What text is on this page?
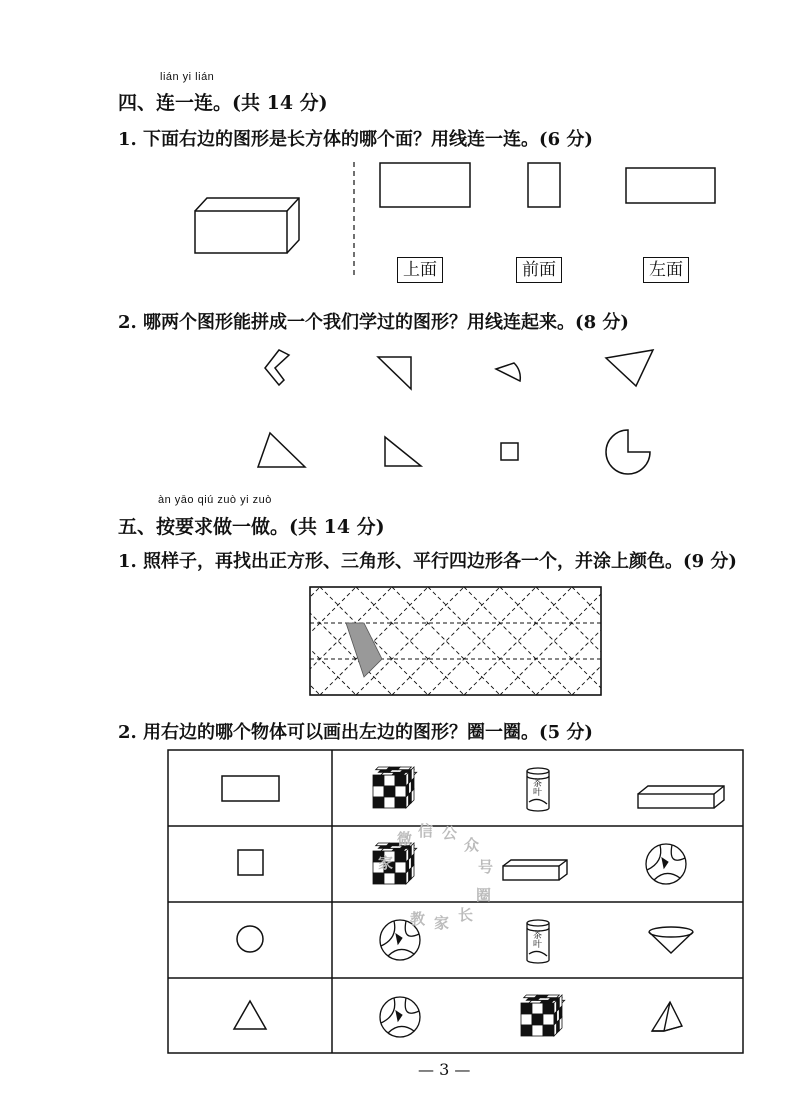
lián yi lián
四、连一连。(共 14 分)
1. 下面右边的图形是长方体的哪个面？用线连一连。(6 分)
上面	前面	左面
2. 哪两个图形能拼成一个我们学过的图形？用线连起来。(8 分)
àn yāo qiú zuò yi zuò
五、按要求做一做。(共 14 分)
1. 照样子，再找出正方形、三角形、平行四边形各一个，并涂上颜色。(9 分)
2. 用右边的哪个物体可以画出左边的图形？圈一圈。(5 分)
茶叶
茶叶
微 信 公
众
号
家
教 家 长
圈
— 3 —
